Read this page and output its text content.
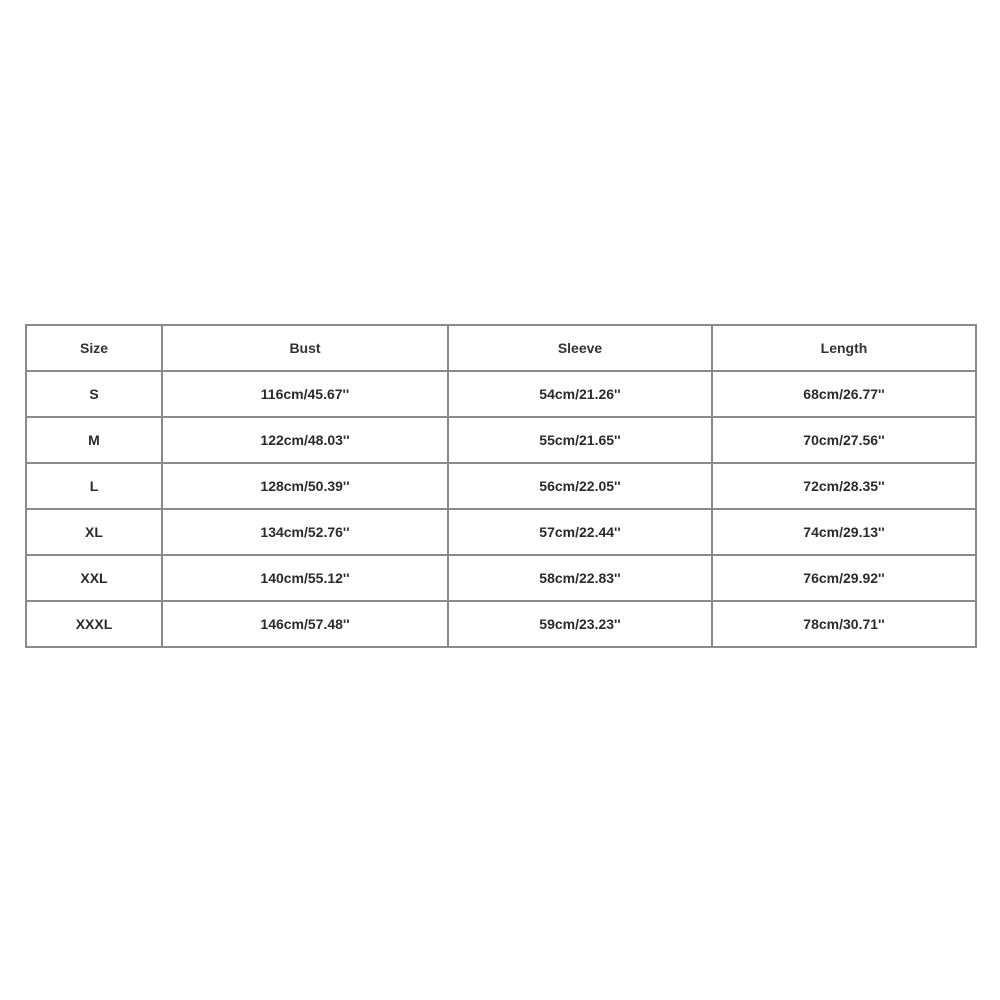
Size	Bust	Sleeve	Length
S	116cm/45.67''	54cm/21.26''	68cm/26.77''
M	122cm/48.03''	55cm/21.65''	70cm/27.56''
L	128cm/50.39''	56cm/22.05''	72cm/28.35''
XL	134cm/52.76''	57cm/22.44''	74cm/29.13''
XXL	140cm/55.12''	58cm/22.83''	76cm/29.92''
XXXL	146cm/57.48''	59cm/23.23''	78cm/30.71''
